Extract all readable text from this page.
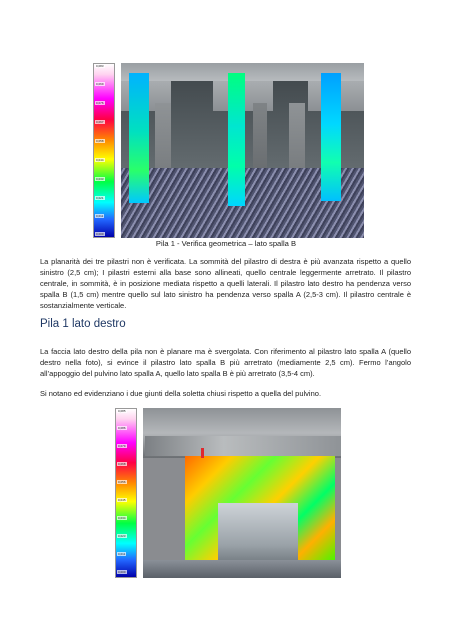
0,083
0,069
0,076
0,067
0,058
0,044
0,033
0,021
0,011
0,000
Pila 1 - Verifica geometrica – lato spalla B

La planarità dei tre pilastri non è verificata. La sommità del pilastro di destra è più avanzata rispetto a quello sinistro (2,5 cm); I pilastri esterni alla base sono allineati, quello centrale leggermente arretrato. Il pilastro centrale, in sommità, è in posizione mediata rispetto a quelli laterali. Il pilastro lato destro ha pendenza verso spalla B (1,5 cm) mentre quello sul lato sinistro ha pendenza verso spalla A (2,5-3 cm). Il pilastro centrale è sostanzialmente verticale.

Pila 1 lato destro

La faccia lato destro della pila non è planare ma è svergolata. Con riferimento al pilastro lato spalla A (quello destro nella foto), si evince il pilastro lato spalla B più arretrato (mediamente 2,5 cm). Fermo l’angolo all’appoggio del pulvino lato spalla A, quello lato spalla B è più arretrato (3,5-4 cm).

Si notano ed evidenziano i due giunti della soletta chiusi rispetto a quella del pulvino.

0,085
0,086
0,079
0,068
0,056
0,045
0,034
0,023
0,011
0,000
